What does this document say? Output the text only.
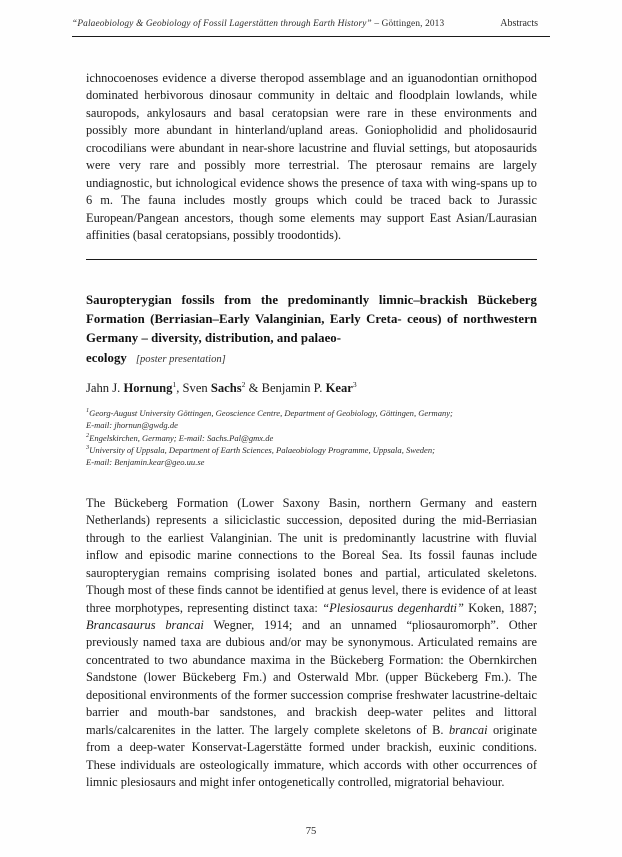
“Palaeobiology & Geobiology of Fossil Lagerstätten through Earth History” – Göttingen, 2013	Abstracts

ichnocoenoses evidence a diverse theropod assemblage and an iguanodontian ornithopod dominated herbivorous dinosaur community in deltaic and floodplain lowlands, while sauropods, ankylosaurs and basal ceratopsian were rare in these environments and possibly more abundant in hinterland/upland areas. Goniopholidid and pholidosaurid crocodilians were abundant in near-shore lacustrine and fluvial settings, but atoposaurids were very rare and possibly more terrestrial. The pterosaur remains are largely undiagnostic, but ichnological evidence shows the presence of taxa with wing-spans up to 6 m. The fauna includes mostly groups which could be traced back to Jurassic European/Pangean ancestors, though some elements may support East Asian/Laurasian affinities (basal ceratopsians, possibly troodontids).

Sauropterygian fossils from the predominantly limnic–brackish Bückeberg Formation (Berriasian–Early Valanginian, Early Creta- ceous) of northwestern Germany – diversity, distribution, and palaeo-
ecology [poster presentation]

Jahn J. Hornung$^1$, Sven Sachs$^2$ & Benjamin P. Kear$^3$

$^1$Georg-August University Göttingen, Geoscience Centre, Department of Geobiology, Göttingen, Germany;
E-mail: jhornun@gwdg.de
$^2$Engelskirchen, Germany; E-mail: Sachs.Pal@gmx.de
$^3$University of Uppsala, Department of Earth Sciences, Palaeobiology Programme, Uppsala, Sweden;
E-mail: Benjamin.kear@geo.uu.se

The Bückeberg Formation (Lower Saxony Basin, northern Germany and eastern Netherlands) represents a siliciclastic succession, deposited during the mid-Berriasian through to the earliest Valanginian. The unit is predominantly lacustrine with fluvial inflow and episodic marine connections to the Boreal Sea. Its fossil faunas include sauropterygian remains comprising isolated bones and partial, articulated skeletons. Though most of these finds cannot be identified at genus level, there is evidence of at least three morphotypes, representing distinct taxa: “Plesiosaurus degenhardti” Koken, 1887; Brancasaurus brancai Wegner, 1914; and an unnamed “pliosauromorph”. Other previously named taxa are dubious and/or may be synonymous. Articulated remains are concentrated to two abundance maxima in the Bückeberg Formation: the Obernkirchen Sandstone (lower Bückeberg Fm.) and Osterwald Mbr. (upper Bückeberg Fm.). The depositional environments of the former succession comprise freshwater lacustrine-deltaic barrier and mouth-bar sandstones, and brackish deep-water pelites and littoral marls/calcarenites in the latter. The largely complete skeletons of B. brancai originate from a deep-water Konservat-Lagerstätte formed under brackish, euxinic conditions. These individuals are osteologically immature, which accords with other occurrences of limnic plesiosaurs and might infer ontogenetically controlled, migratorial behaviour.

75
